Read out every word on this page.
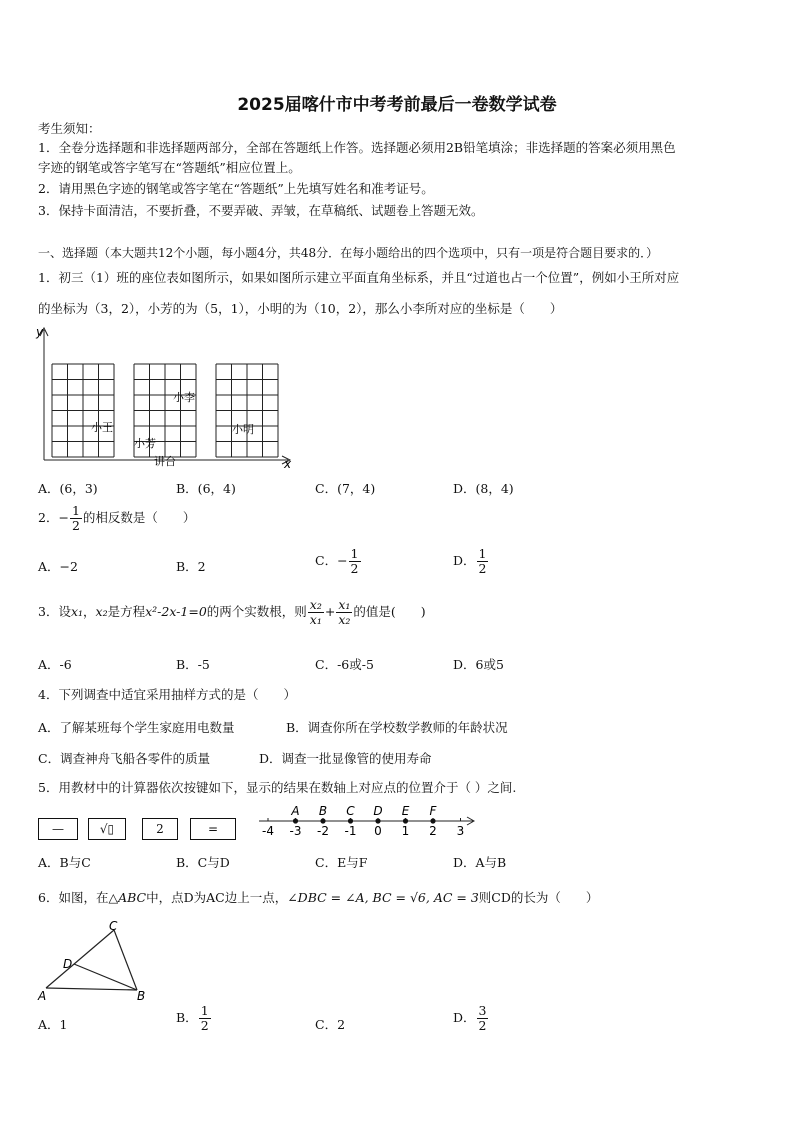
2025届喀什市中考考前最后一卷数学试卷
考生须知：
1．全卷分选择题和非选择题两部分，全部在答题纸上作答。选择题必须用2B铅笔填涂；非选择题的答案必须用黑色
字迹的钢笔或答字笔写在“答题纸”相应位置上。
2．请用黑色字迹的钢笔或答字笔在“答题纸”上先填写姓名和准考证号。
3．保持卡面清洁，不要折叠，不要弄破、弄皱，在草稿纸、试题卷上答题无效。
一、选择题（本大题共12个小题，每小题4分，共48分．在每小题给出的四个选项中，只有一项是符合题目要求的．）
1．初三（1）班的座位表如图所示，如果如图所示建立平面直角坐标系，并且“过道也占一个位置”，例如小王所对应
的坐标为（3，2），小芳的为（5，1），小明的为（10，2），那么小李所对应的坐标是（　　）
y
x
小王
小芳
小李
小明
讲台
A．(6，3)	B．(6，4)	C．(7，4)	D．(8，4)
2．− $\frac{1}{2}$ 的相反数是（　　）
A．−2	B．2	C．− $\frac{1}{2}$	D． $\frac{1}{2}$
3．设x₁，x₂是方程x²-2x-1=0的两个实数根，则 $\frac{\text{x₂}}{\text{x₁}} + \frac{\text{x₁}}{\text{x₂}}$ 的值是(　　)
A．-6	B．-5	C．-6或-5	D．6或5
4．下列调查中适宜采用抽样方式的是（　　）
A．了解某班每个学生家庭用电数量	B．调查你所在学校数学教师的年龄状况
C．调查神舟飞船各零件的质量	D．调查一批显像管的使用寿命
5．用教材中的计算器依次按键如下，显示的结果在数轴上对应点的位置介于（ ）之间.
—	√▯	2	=	-4 -3 -2 -1 0 1 2 3
A B C D E F
A．B与C	B．C与D	C．E与F	D．A与B
6．如图，在△ABC中，点D为AC边上一点，∠DBC = ∠A, BC = √6, AC = 3则CD的长为（　　）
A	B
C
D
A．1	B． $\frac{1}{2}$	C．2	D． $\frac{3}{2}$
